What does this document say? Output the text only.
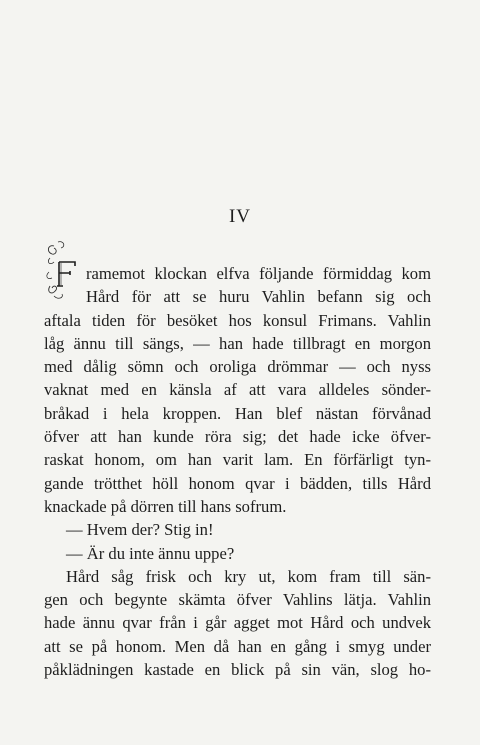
IV
ramemot klockan elfva följande förmiddag kom
Hård för att se huru Vahlin befann sig och
aftala tiden för besöket hos konsul Frimans. Vahlin
låg ännu till sängs, — han hade tillbragt en morgon
med dålig sömn och oroliga drömmar — och nyss
vaknat med en känsla af att vara alldeles sönder-
bråkad i hela kroppen. Han blef nästan förvånad
öfver att han kunde röra sig; det hade icke öfver-
raskat honom, om han varit lam. En förfärligt tyn-
gande trötthet höll honom qvar i bädden, tills Hård
knackade på dörren till hans sofrum.
— Hvem der? Stig in!
— Är du inte ännu uppe?
Hård såg frisk och kry ut, kom fram till sän-
gen och begynte skämta öfver Vahlins lätja. Vahlin
hade ännu qvar från i går agget mot Hård och undvek
att se på honom. Men då han en gång i smyg under
påklädningen kastade en blick på sin vän, slog ho-
